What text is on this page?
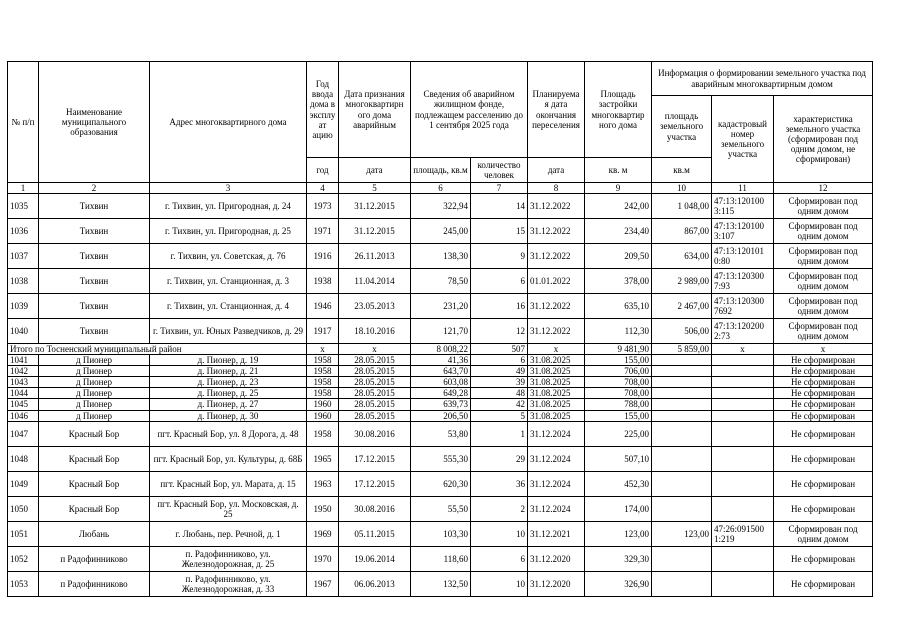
№ п/п	Наименование муниципального образования	Адрес многоквартирного дома	Год ввода дома в эксплуат ацию	Дата признания многоквартирн ого дома аварийным	Сведения об аварийном жилищном фонде, подлежащем расселению до 1 сентября 2025 года		Планируема я дата окончания переселения	Площадь застройки многоквартир ного дома	Информация о формировании земельного участка под аварийным многоквартирным домом		
									площадь земельного участка	кадастровый номер земельного участка	характеристика земельного участка (сформирован под одним домом, не сформирован)
			год	дата	площадь, кв.м	количество человек	дата	кв. м	кв.м		
1	2	3	4	5	6	7	8	9	10	11	12
1035	Тихвин	г. Тихвин, ул. Пригородная, д. 24	1973	31.12.2015	322,94	14	31.12.2022	242,00	1 048,00	47:13:120100 3:115	Сформирован под одним домом
1036	Тихвин	г. Тихвин, ул. Пригородная, д. 25	1971	31.12.2015	245,00	15	31.12.2022	234,40	867,00	47:13:120100 3:107	Сформирован под одним домом
1037	Тихвин	г. Тихвин, ул. Советская, д. 76	1916	26.11.2013	138,30	9	31.12.2022	209,50	634,00	47:13:120101 0:80	Сформирован под одним домом
1038	Тихвин	г. Тихвин, ул. Станционная, д. 3	1938	11.04.2014	78,50	6	01.01.2022	378,00	2 989,00	47:13:120300 7:93	Сформирован под одним домом
1039	Тихвин	г. Тихвин, ул. Станционная, д. 4	1946	23.05.2013	231,20	16	31.12.2022	635,10	2 467,00	47:13:120300 7692	Сформирован под одним домом
1040	Тихвин	г. Тихвин, ул. Юных Разведчиков, д. 29	1917	18.10.2016	121,70	12	31.12.2022	112,30	506,00	47:13:120200 2:73	Сформирован под одним домом
Итого по Тосненский муниципальный район			х	х	8 008,22	507	х	9 481,90	5 859,00	х	х
1041	д Пионер	д. Пионер, д. 19	1958	28.05.2015	41,36	6	31.08.2025	155,00			Не сформирован
1042	д Пионер	д. Пионер, д. 21	1958	28.05.2015	643,70	49	31.08.2025	706,00			Не сформирован
1043	д Пионер	д. Пионер, д. 23	1958	28.05.2015	603,08	39	31.08.2025	708,00			Не сформирован
1044	д Пионер	д. Пионер, д. 25	1958	28.05.2015	649,28	48	31.08.2025	708,00			Не сформирован
1045	д Пионер	д. Пионер, д. 27	1960	28.05.2015	639,73	42	31.08.2025	788,00			Не сформирован
1046	д Пионер	д. Пионер, д. 30	1960	28.05.2015	206,50	5	31.08.2025	155,00			Не сформирован
1047	Красный Бор	пгт. Красный Бор, ул. 8 Дорога, д. 48	1958	30.08.2016	53,80	1	31.12.2024	225,00			Не сформирован
1048	Красный Бор	пгт. Красный Бор, ул. Культуры, д. 68Б	1965	17.12.2015	555,30	29	31.12.2024	507,10			Не сформирован
1049	Красный Бор	пгт. Красный Бор, ул. Марата, д. 15	1963	17.12.2015	620,30	36	31.12.2024	452,30			Не сформирован
1050	Красный Бор	пгт. Красный Бор, ул. Московская, д. 25	1950	30.08.2016	55,50	2	31.12.2024	174,00			Не сформирован
1051	Любань	г. Любань, пер. Речной, д. 1	1969	05.11.2015	103,30	10	31.12.2021	123,00	123,00	47:26:091500 1:219	Сформирован под одним домом
1052	п Радофинниково	п. Радофинниково, ул. Железнодорожная, д. 25	1970	19.06.2014	118,60	6	31.12.2020	329,30			Не сформирован
1053	п Радофинниково	п. Радофинниково, ул. Железнодорожная, д. 33	1967	06.06.2013	132,50	10	31.12.2020	326,90			Не сформирован
